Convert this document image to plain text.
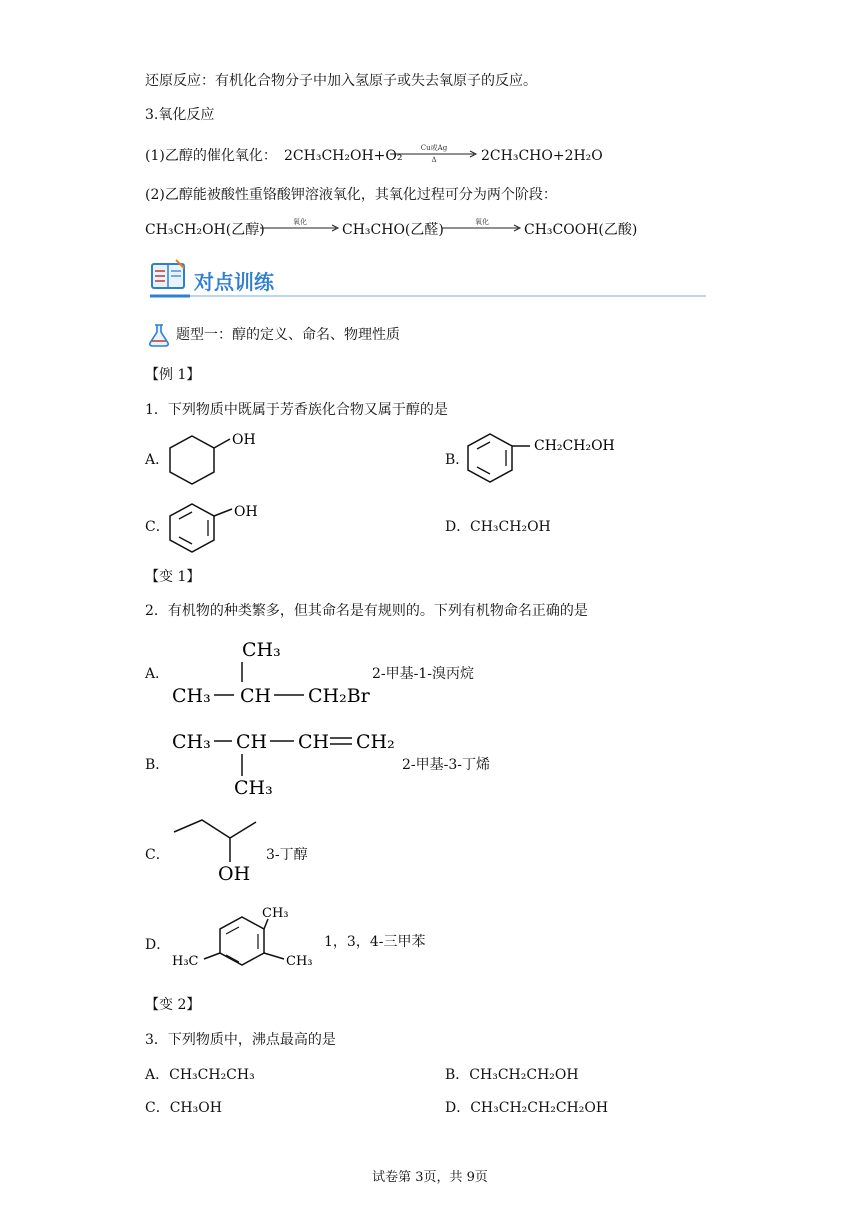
还原反应：有机化合物分子中加入氢原子或失去氧原子的反应。
3.氧化反应
(1)乙醇的催化氧化： 2CH₃CH₂OH+O₂	Cu或Ag
Δ	2CH₃CHO+2H₂O
(2)乙醇能被酸性重铬酸钾溶液氧化，其氧化过程可分为两个阶段：
CH₃CH₂OH(乙醇)	氧化	CH₃CHO(乙醛)	氧化	CH₃COOH(乙酸)
对点训练
题型一：醇的定义、命名、物理性质
【例 1】
1．下列物质中既属于芳香族化合物又属于醇的是
A．
OH
B．
CH₂CH₂OH
C．
OH
D． CH₃CH₂OH
【变 1】
2．有机物的种类繁多，但其命名是有规则的。下列有机物命名正确的是
A．
CH₃
CH₃ CH CH₂Br
2-甲基-1-溴丙烷
B．
CH₃ CH CH CH₂
CH₃
2-甲基-3-丁烯
C．
OH
3-丁醇
D．
CH₃
H₃C	CH₃
1，3，4-三甲苯
【变 2】
3．下列物质中，沸点最高的是
A．CH₃CH₂CH₃	B．CH₃CH₂CH₂OH
C．CH₃OH	D．CH₃CH₂CH₂CH₂OH
试卷第 3页，共 9页
